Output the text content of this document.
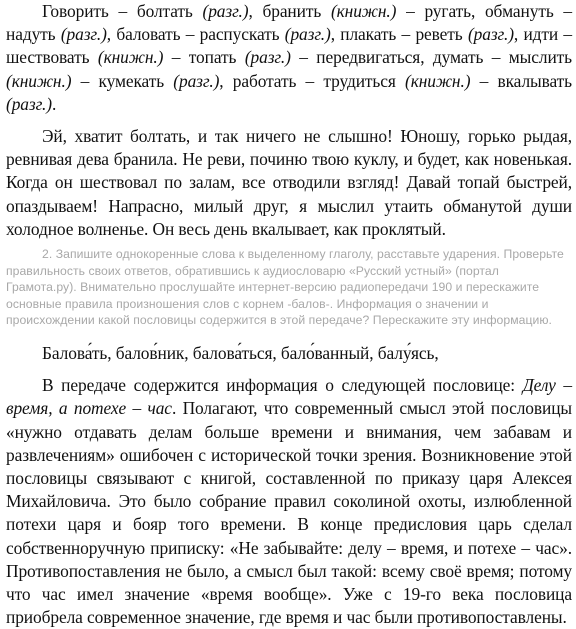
Говорить – болтать (разг.), бранить (книжн.) – ругать, обмануть – надуть (разг.), баловать – распускать (разг.), плакать – реветь (разг.), идти – шествовать (книжн.) – топать (разг.) – передвигаться, думать – мыслить (книжн.) – кумекать (разг.), работать – трудиться (книжн.) – вкалывать (разг.).

Эй, хватит болтать, и так ничего не слышно! Юношу, горько рыдая, ревнивая дева бранила. Не реви, починю твою куклу, и будет, как новенькая. Когда он шествовал по залам, все отводили взгляд! Давай топай быстрей, опаздываем! Напрасно, милый друг, я мыслил утаить обманутой души холодное волненье. Он весь день вкалывает, как проклятый.

2. Запишите однокоренные слова к выделенному глаголу, расставьте ударения. Проверьте правильность своих ответов, обратившись к аудиословарю «Русский устный» (портал Грамота.ру). Внимательно прослушайте интернет-версию радиопередачи 190 и перескажите основные правила произношения слов с корнем -балов-. Информация о значении и происхождении какой пословицы содержится в этой передаче? Перескажите эту информацию.

Балова́ть, балов́ник, балова́ться, бало́ванный, балу́ясь,

В передаче содержится информация о следующей пословице: Делу – время, а потехе – час. Полагают, что современный смысл этой пословицы «нужно отдавать делам больше времени и внимания, чем забавам и развлечениям» ошибочен с исторической точки зрения. Возникновение этой пословицы связывают с книгой, составленной по приказу царя Алексея Михайловича. Это было собрание правил соколиной охоты, излюбленной потехи царя и бояр того времени. В конце предисловия царь сделал собственноручную приписку: «Не забывайте: делу – время, и потехе – час». Противопоставления не было, а смысл был такой: всему своё время; потому что час имел значение «время вообще». Уже с 19-го века пословица приобрела современное значение, где время и час были противопоставлены.
